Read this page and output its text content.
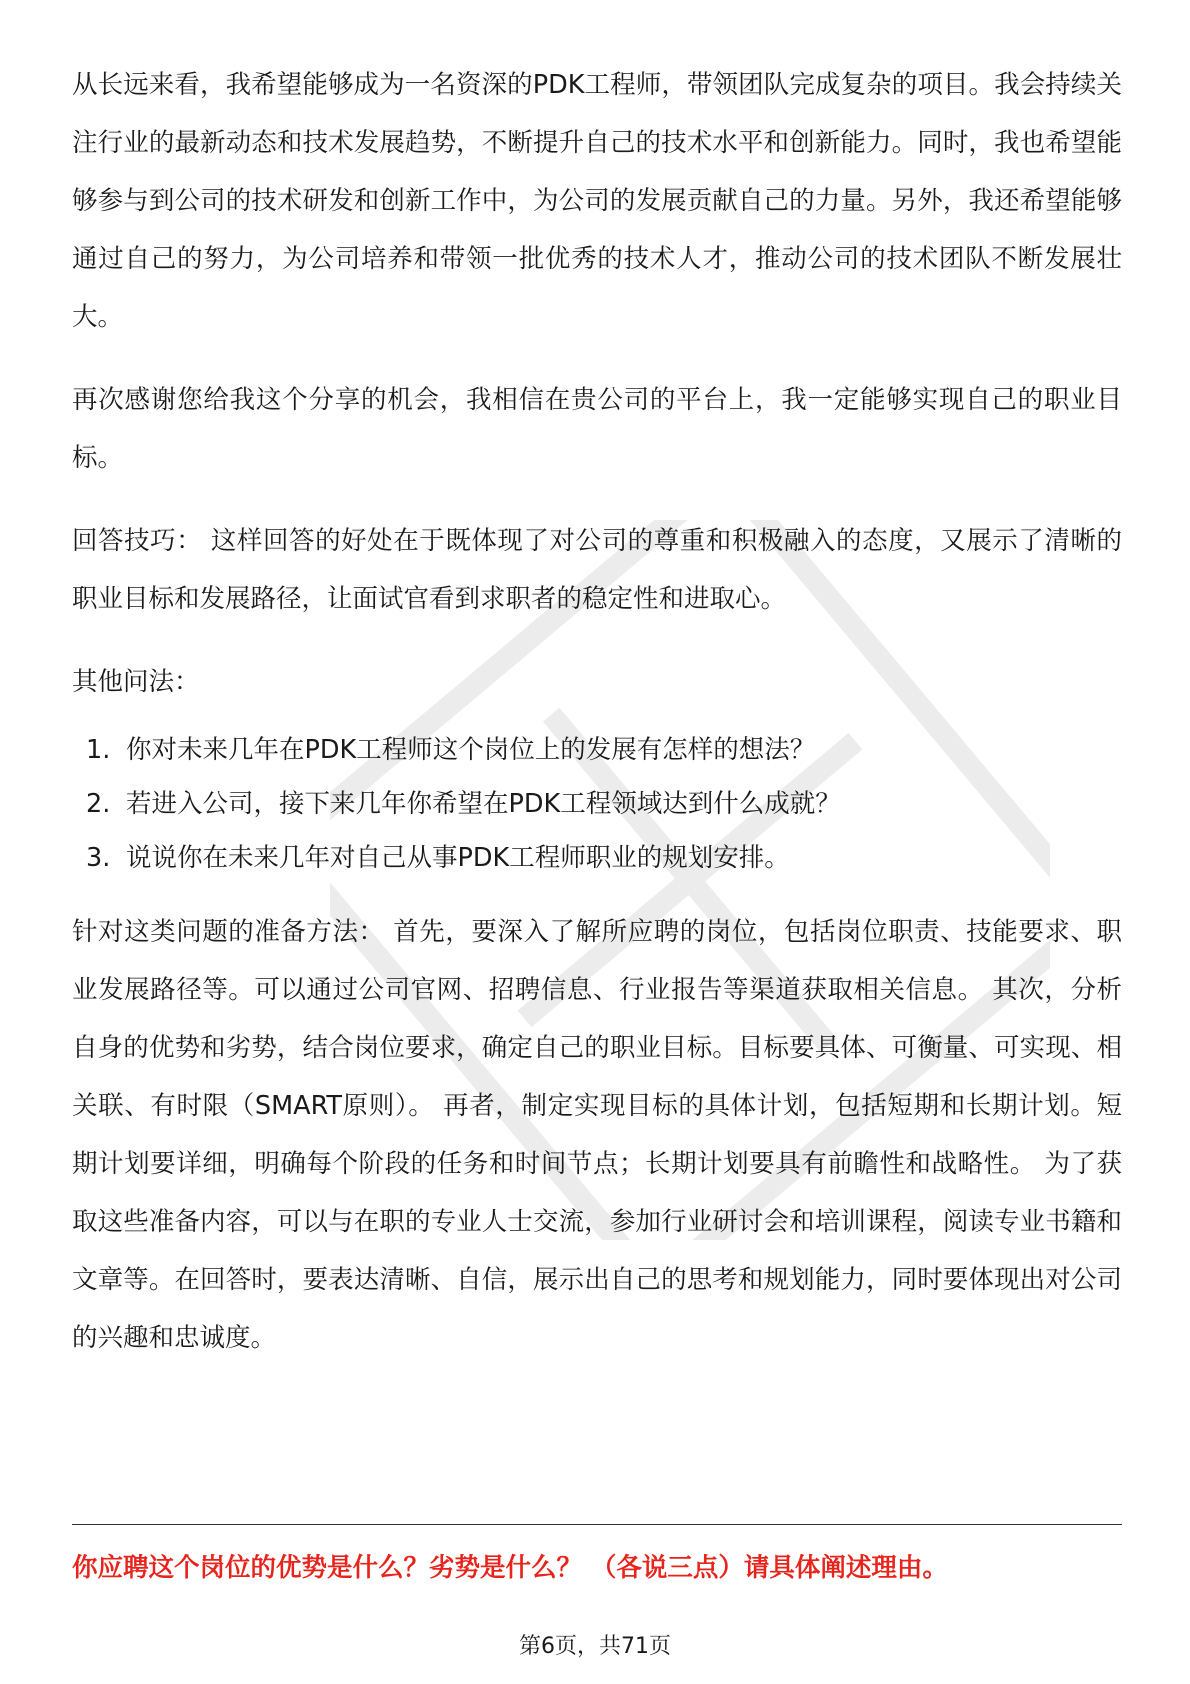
从长远来看，我希望能够成为一名资深的PDK工程师，带领团队完成复杂的项目。我会持续关注行业的最新动态和技术发展趋势，不断提升自己的技术水平和创新能力。同时，我也希望能够参与到公司的技术研发和创新工作中，为公司的发展贡献自己的力量。另外，我还希望能够通过自己的努力，为公司培养和带领一批优秀的技术人才，推动公司的技术团队不断发展壮大。

再次感谢您给我这个分享的机会，我相信在贵公司的平台上，我一定能够实现自己的职业目标。

回答技巧： 这样回答的好处在于既体现了对公司的尊重和积极融入的态度，又展示了清晰的职业目标和发展路径，让面试官看到求职者的稳定性和进取心。

其他问法：

1. 你对未来几年在PDK工程师这个岗位上的发展有怎样的想法？
2. 若进入公司，接下来几年你希望在PDK工程领域达到什么成就？
3. 说说你在未来几年对自己从事PDK工程师职业的规划安排。

针对这类问题的准备方法： 首先，要深入了解所应聘的岗位，包括岗位职责、技能要求、职业发展路径等。可以通过公司官网、招聘信息、行业报告等渠道获取相关信息。 其次，分析自身的优势和劣势，结合岗位要求，确定自己的职业目标。目标要具体、可衡量、可实现、相关联、有时限（SMART原则）。 再者，制定实现目标的具体计划，包括短期和长期计划。短期计划要详细，明确每个阶段的任务和时间节点；长期计划要具有前瞻性和战略性。 为了获取这些准备内容，可以与在职的专业人士交流，参加行业研讨会和培训课程，阅读专业书籍和文章等。在回答时，要表达清晰、自信，展示出自己的思考和规划能力，同时要体现出对公司的兴趣和忠诚度。

你应聘这个岗位的优势是什么？劣势是什么？ （各说三点）请具体阐述理由。

第6页，共71页
